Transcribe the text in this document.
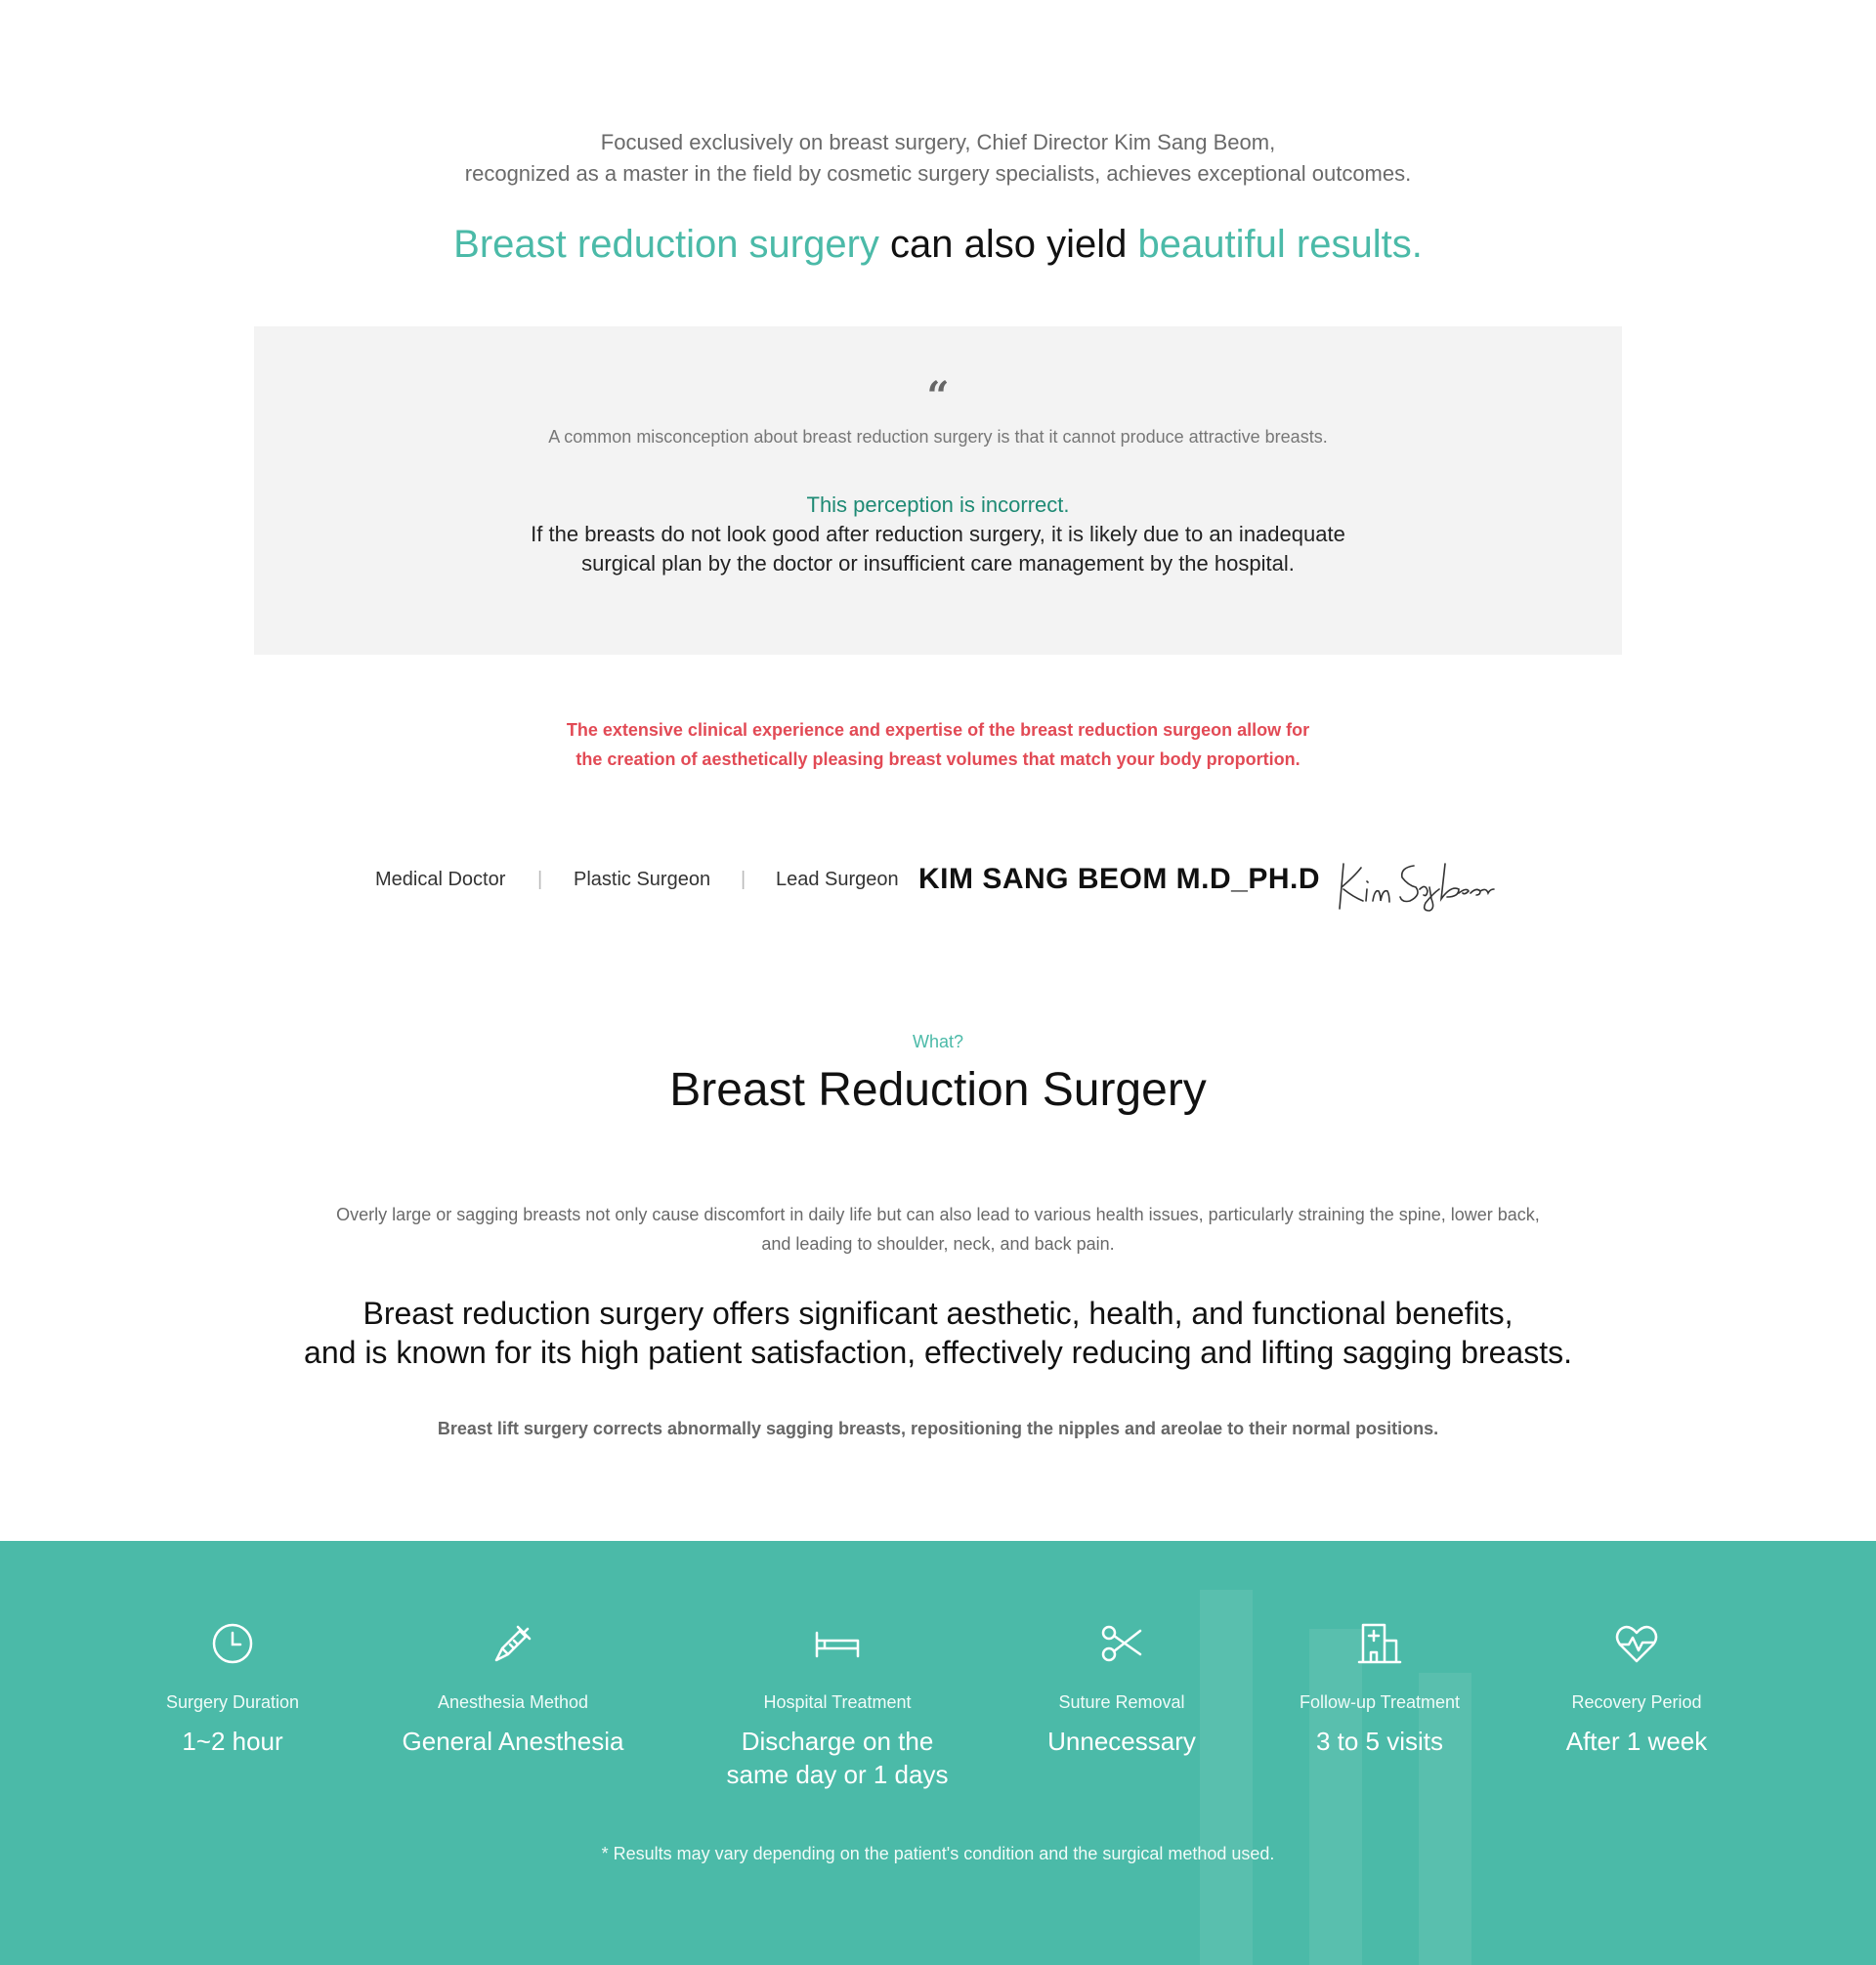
Focused exclusively on breast surgery, Chief Director Kim Sang Beom,
recognized as a master in the field by cosmetic surgery specialists, achieves exceptional outcomes.
Breast reduction surgery can also yield beautiful results.
“
A common misconception about breast reduction surgery is that it cannot produce attractive breasts.
This perception is incorrect.
If the breasts do not look good after reduction surgery, it is likely due to an inadequate
surgical plan by the doctor or insufficient care management by the hospital.
The extensive clinical experience and expertise of the breast reduction surgeon allow for
the creation of aesthetically pleasing breast volumes that match your body proportion.
Medical Doctor | Plastic Surgeon | Lead Surgeon KIM SANG BEOM M.D_PH.D
What?
Breast Reduction Surgery
Overly large or sagging breasts not only cause discomfort in daily life but can also lead to various health issues, particularly straining the spine, lower back,
and leading to shoulder, neck, and back pain.
Breast reduction surgery offers significant aesthetic, health, and functional benefits,
and is known for its high patient satisfaction, effectively reducing and lifting sagging breasts.
Breast lift surgery corrects abnormally sagging breasts, repositioning the nipples and areolae to their normal positions.
Surgery Duration
1~2 hour
Anesthesia Method
General Anesthesia
Hospital Treatment
Discharge on the
same day or 1 days
Suture Removal
Unnecessary
Follow-up Treatment
3 to 5 visits
Recovery Period
After 1 week
* Results may vary depending on the patient's condition and the surgical method used.
